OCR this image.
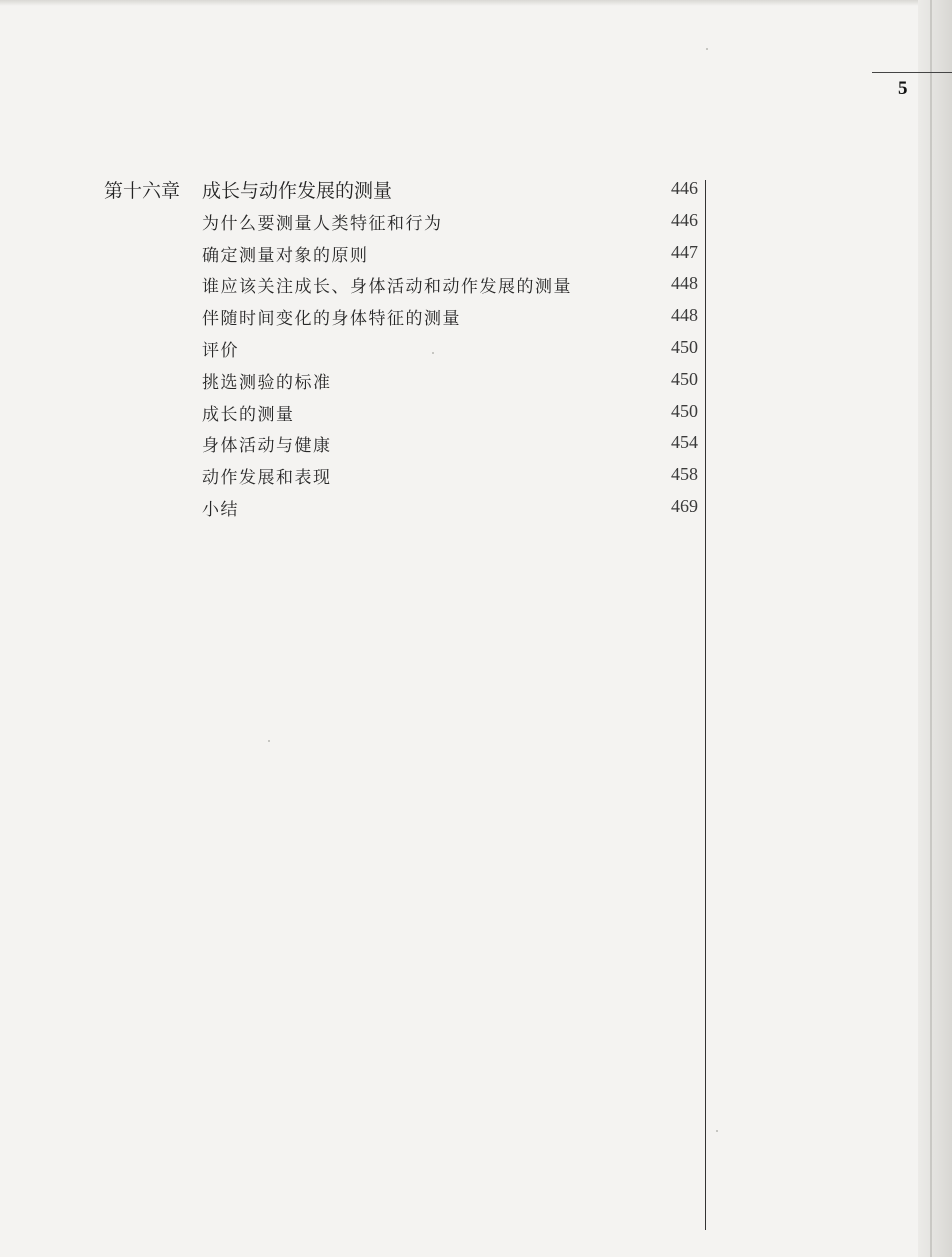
5
第十六章 成长与动作发展的测量	446
为什么要测量人类特征和行为	446
确定测量对象的原则	447
谁应该关注成长、身体活动和动作发展的测量	448
伴随时间变化的身体特征的测量	448
评价	450
挑选测验的标准	450
成长的测量	450
身体活动与健康	454
动作发展和表现	458
小结	469
